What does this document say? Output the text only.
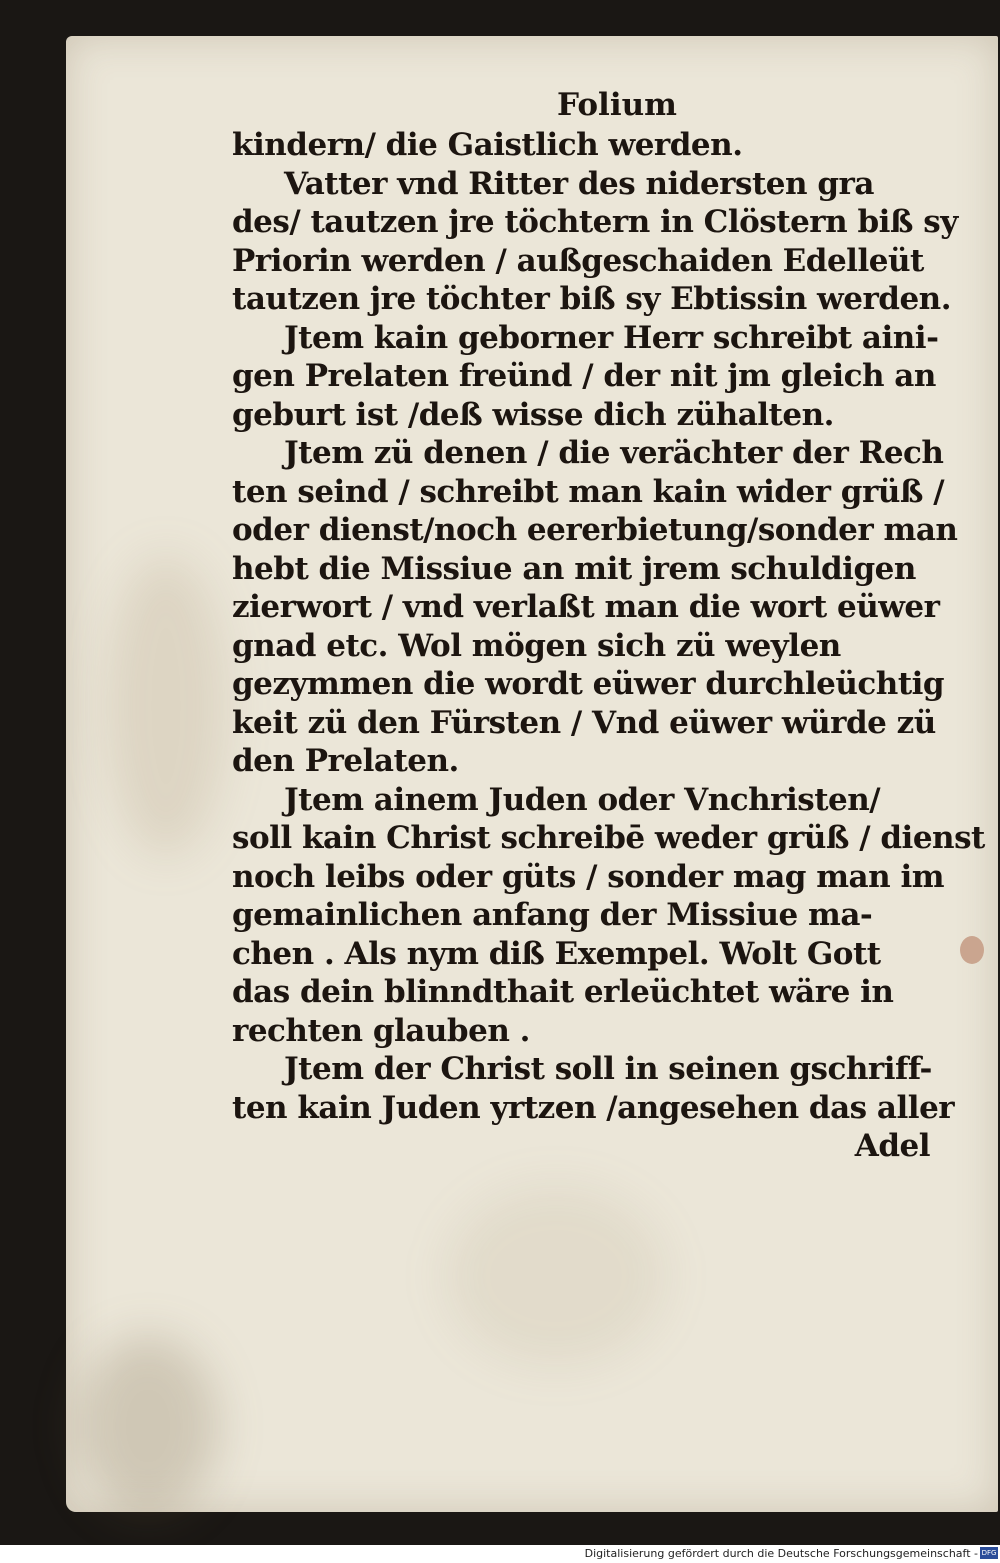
Folium
kindern/ die Gaistlich werden.
Vatter vnd Ritter des nidersten gra
des/ tautzen jre töchtern in Clöstern biß sy
Priorin werden / außgeschaiden Edelleüt
tautzen jre töchter biß sy Ebtissin werden.
Jtem kain geborner Herr schreibt aini-
gen Prelaten freünd / der nit jm gleich an
geburt ist /deß wisse dich zühalten.
Jtem zü denen / die verächter der Rech
ten seind / schreibt man kain wider grüß /
oder dienst/noch eererbietung/sonder man
hebt die Missiue an mit jrem schuldigen
zierwort / vnd verlaßt man die wort eüwer
gnad etc. Wol mögen sich zü weylen
gezymmen die wordt eüwer durchleüchtig
keit zü den Fürsten / Vnd eüwer würde zü
den Prelaten.
Jtem ainem Juden oder Vnchristen/
soll kain Christ schreibē weder grüß / dienst
noch leibs oder güts / sonder mag man im
gemainlichen anfang der Missiue ma-
chen . Als nym diß Exempel. Wolt Gott
das dein blinndthait erleüchtet wäre in
rechten glauben .
Jtem der Christ soll in seinen gschriff-
ten kain Juden yrtzen /angesehen das aller
Adel
Digitalisierung gefördert durch die Deutsche Forschungsgemeinschaft - DFG
